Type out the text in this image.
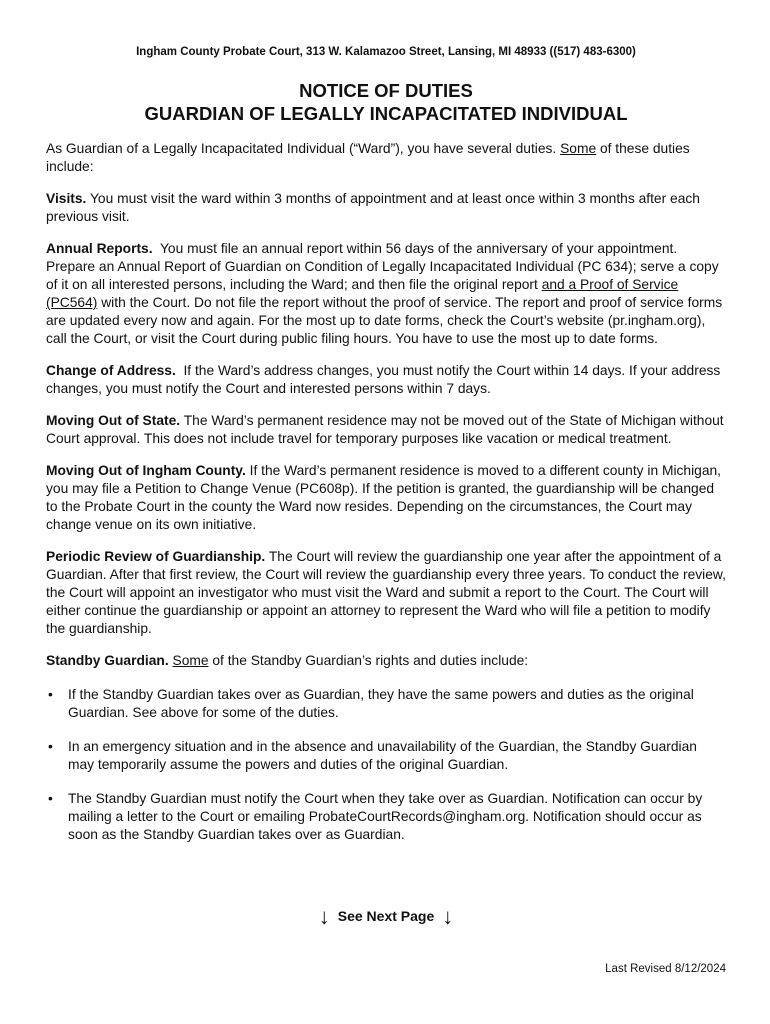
Ingham County Probate Court, 313 W. Kalamazoo Street, Lansing, MI 48933 ((517) 483-6300)
NOTICE OF DUTIES
GUARDIAN OF LEGALLY INCAPACITATED INDIVIDUAL

As Guardian of a Legally Incapacitated Individual (“Ward”), you have several duties. Some of these duties include:

Visits. You must visit the ward within 3 months of appointment and at least once within 3 months after each previous visit.

Annual Reports.  You must file an annual report within 56 days of the anniversary of your appointment. Prepare an Annual Report of Guardian on Condition of Legally Incapacitated Individual (PC 634); serve a copy of it on all interested persons, including the Ward; and then file the original report and a Proof of Service (PC564) with the Court. Do not file the report without the proof of service. The report and proof of service forms are updated every now and again. For the most up to date forms, check the Court’s website (pr.ingham.org), call the Court, or visit the Court during public filing hours. You have to use the most up to date forms.

Change of Address.  If the Ward’s address changes, you must notify the Court within 14 days. If your address changes, you must notify the Court and interested persons within 7 days.

Moving Out of State. The Ward’s permanent residence may not be moved out of the State of Michigan without Court approval. This does not include travel for temporary purposes like vacation or medical treatment.

Moving Out of Ingham County. If the Ward’s permanent residence is moved to a different county in Michigan, you may file a Petition to Change Venue (PC608p). If the petition is granted, the guardianship will be changed to the Probate Court in the county the Ward now resides. Depending on the circumstances, the Court may change venue on its own initiative.

Periodic Review of Guardianship. The Court will review the guardianship one year after the appointment of a Guardian. After that first review, the Court will review the guardianship every three years. To conduct the review, the Court will appoint an investigator who must visit the Ward and submit a report to the Court. The Court will either continue the guardianship or appoint an attorney to represent the Ward who will file a petition to modify the guardianship.

Standby Guardian. Some of the Standby Guardian’s rights and duties include:

• If the Standby Guardian takes over as Guardian, they have the same powers and duties as the original Guardian. See above for some of the duties.
• In an emergency situation and in the absence and unavailability of the Guardian, the Standby Guardian may temporarily assume the powers and duties of the original Guardian.
• The Standby Guardian must notify the Court when they take over as Guardian. Notification can occur by mailing a letter to the Court or emailing ProbateCourtRecords@ingham.org. Notification should occur as soon as the Standby Guardian takes over as Guardian.
↓ See Next Page ↓
Last Revised 8/12/2024
